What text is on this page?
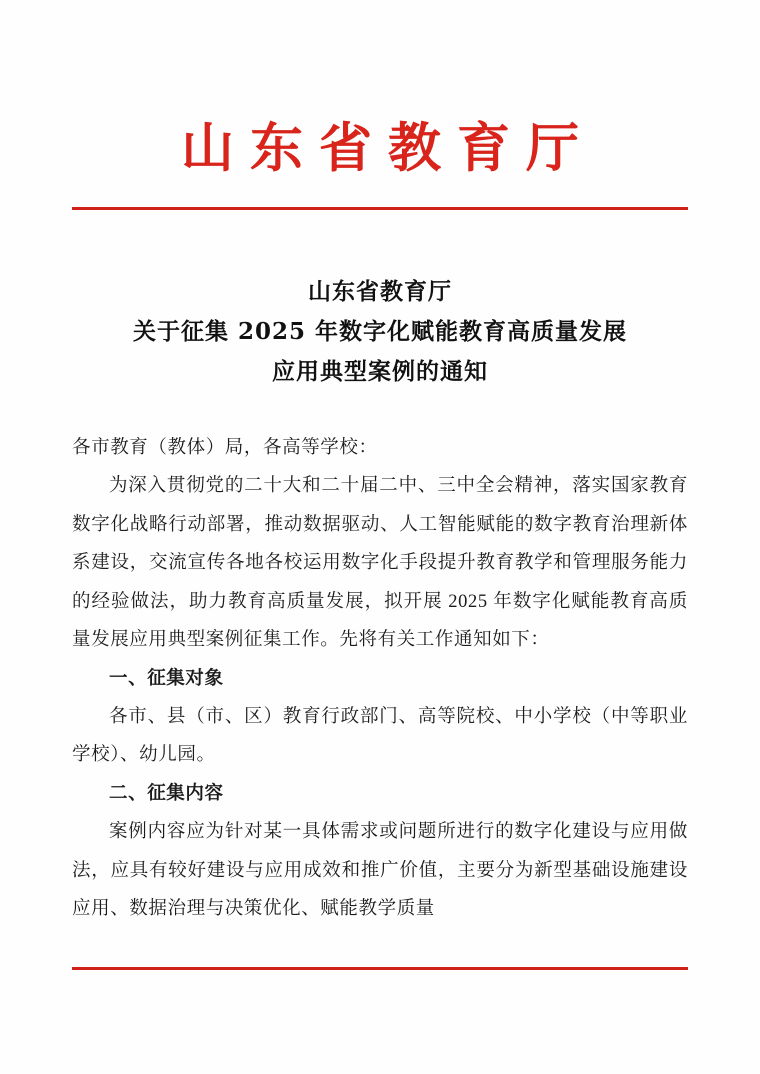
山东省教育厅
山东省教育厅
关于征集 2025 年数字化赋能教育高质量发展
应用典型案例的通知

各市教育（教体）局，各高等学校：

为深入贯彻党的二十大和二十届二中、三中全会精神，落实国家教育数字化战略行动部署，推动数据驱动、人工智能赋能的数字教育治理新体系建设，交流宣传各地各校运用数字化手段提升教育教学和管理服务能力的经验做法，助力教育高质量发展，拟开展 2025 年数字化赋能教育高质量发展应用典型案例征集工作。先将有关工作通知如下：

一、征集对象

各市、县（市、区）教育行政部门、高等院校、中小学校（中等职业学校）、幼儿园。

二、征集内容

案例内容应为针对某一具体需求或问题所进行的数字化建设与应用做法，应具有较好建设与应用成效和推广价值，主要分为新型基础设施建设应用、数据治理与决策优化、赋能教学质量
